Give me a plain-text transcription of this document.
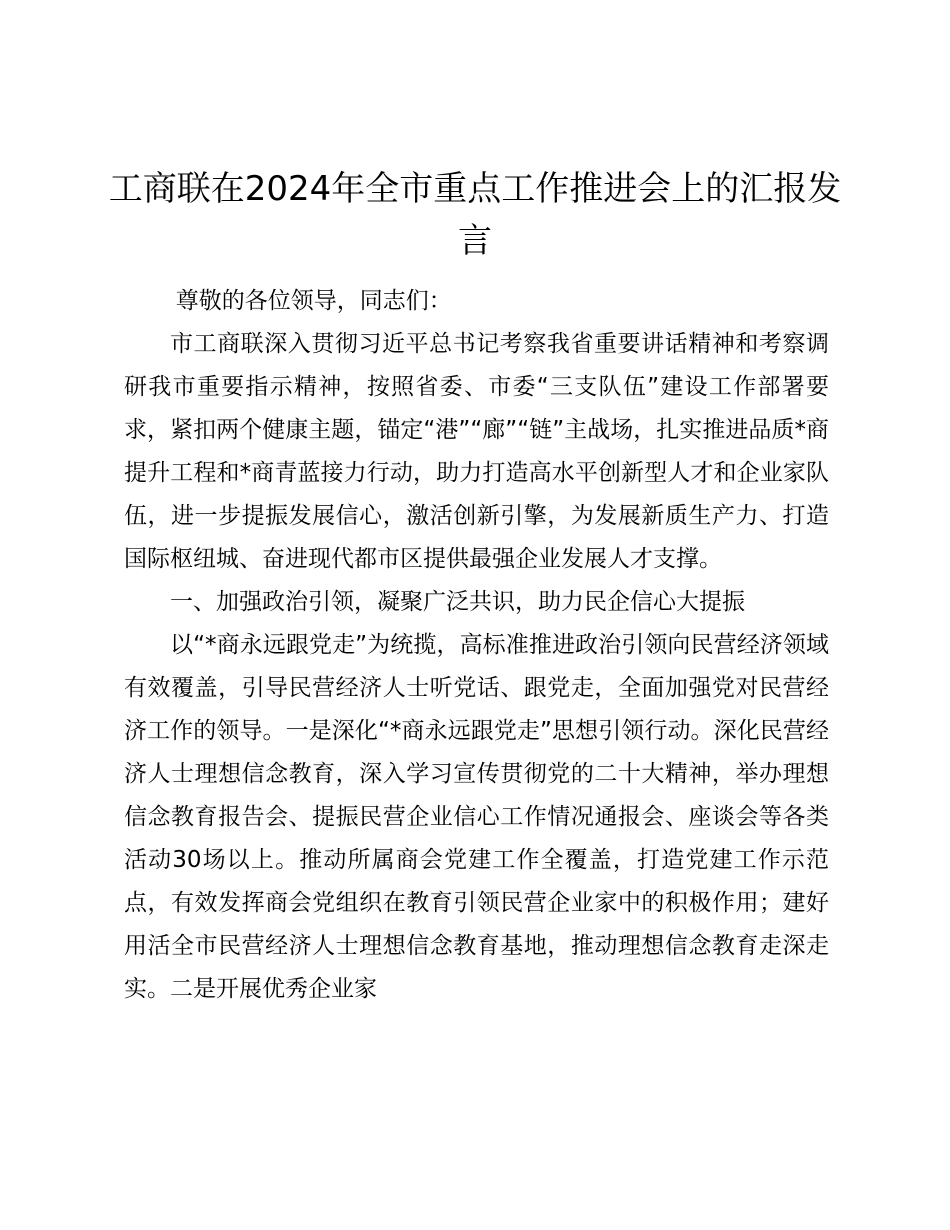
工商联在2024年全市重点工作推进会上的汇报发言

尊敬的各位领导，同志们：

市工商联深入贯彻习近平总书记考察我省重要讲话精神和考察调研我市重要指示精神，按照省委、市委“三支队伍”建设工作部署要求，紧扣两个健康主题，锚定“港”“廊”“链”主战场，扎实推进品质*商提升工程和*商青蓝接力行动，助力打造高水平创新型人才和企业家队伍，进一步提振发展信心，激活创新引擎，为发展新质生产力、打造国际枢纽城、奋进现代都市区提供最强企业发展人才支撑。

一、加强政治引领，凝聚广泛共识，助力民企信心大提振

以“*商永远跟党走”为统揽，高标准推进政治引领向民营经济领域有效覆盖，引导民营经济人士听党话、跟党走，全面加强党对民营经济工作的领导。一是深化“*商永远跟党走”思想引领行动。深化民营经济人士理想信念教育，深入学习宣传贯彻党的二十大精神，举办理想信念教育报告会、提振民营企业信心工作情况通报会、座谈会等各类活动30场以上。推动所属商会党建工作全覆盖，打造党建工作示范点，有效发挥商会党组织在教育引领民营企业家中的积极作用；建好用活全市民营经济人士理想信念教育基地，推动理想信念教育走深走实。二是开展优秀企业家
